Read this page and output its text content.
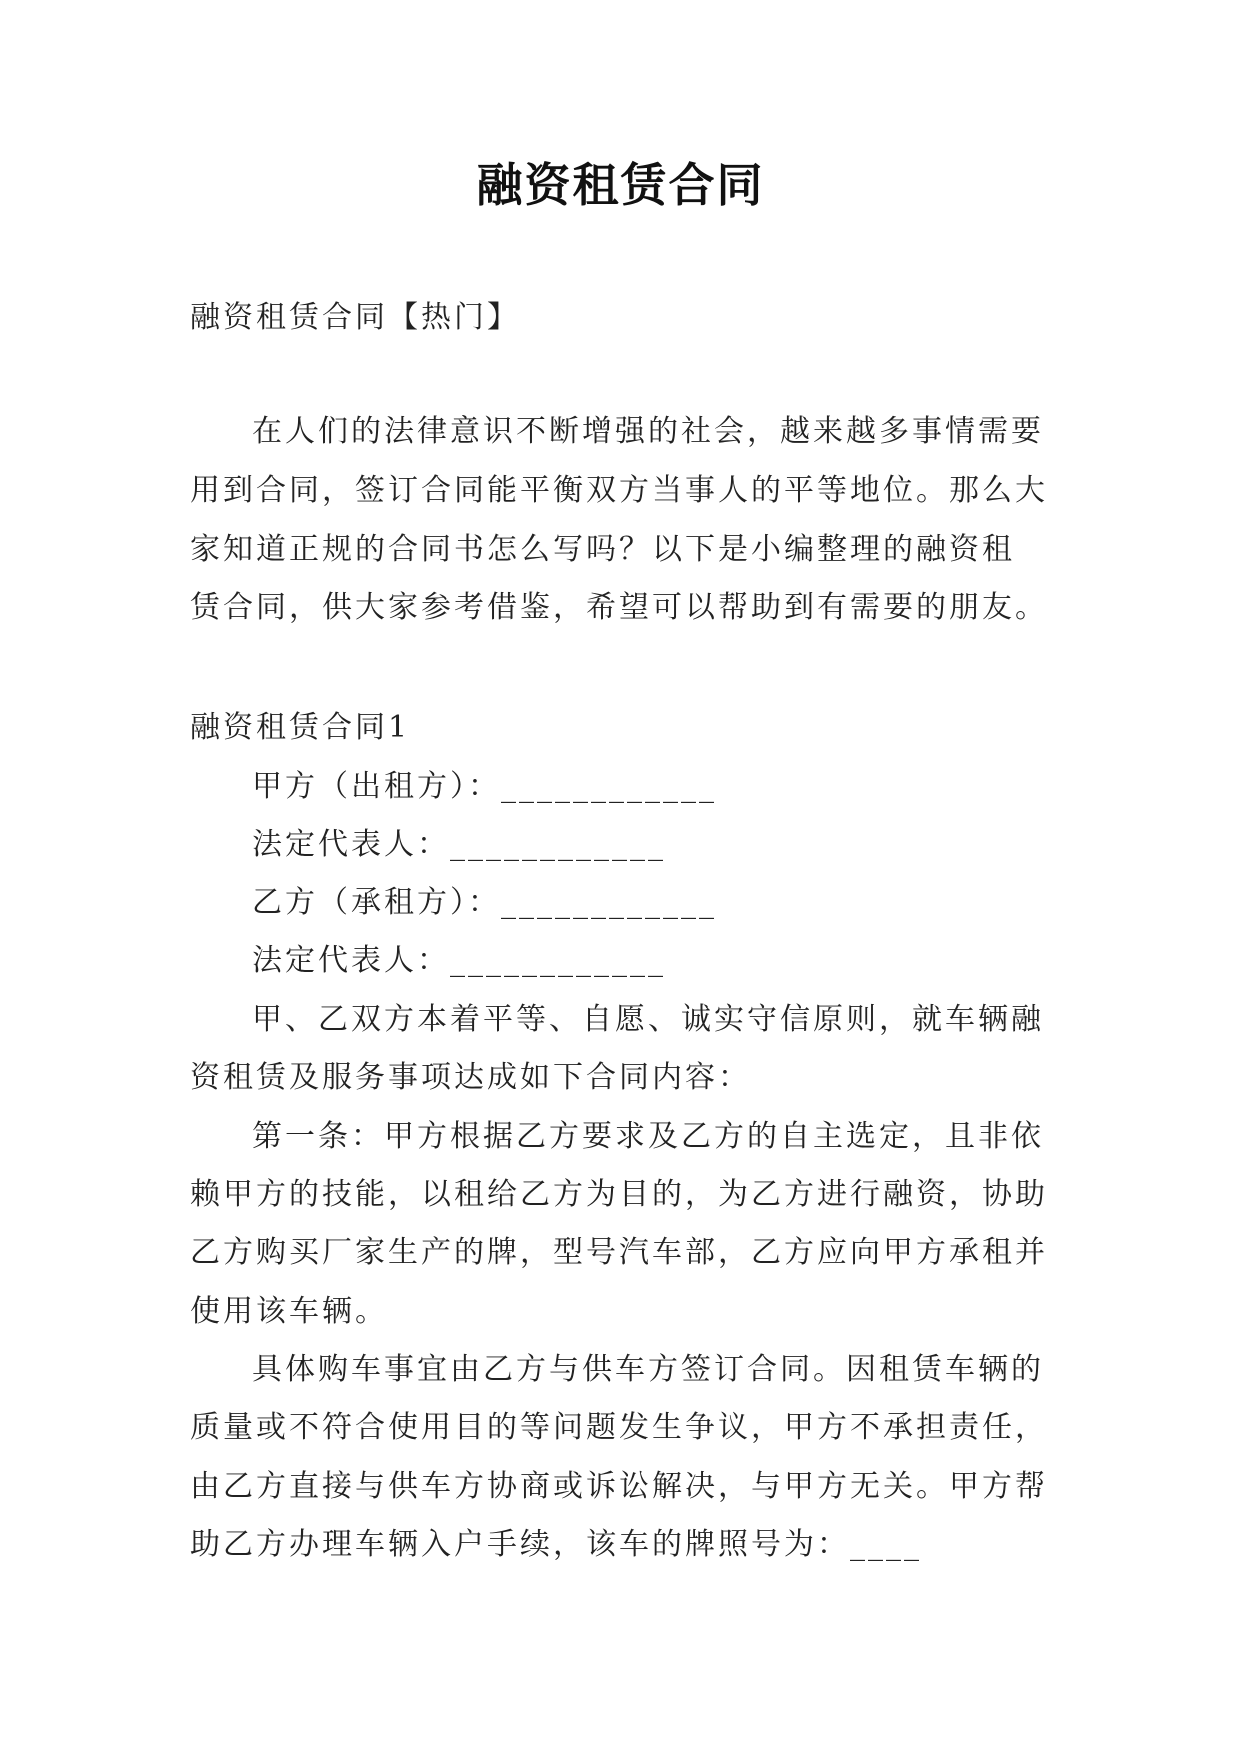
融资租赁合同
融资租赁合同【热门】
在人们的法律意识不断增强的社会，越来越多事情需要
用到合同，签订合同能平衡双方当事人的平等地位。那么大
家知道正规的合同书怎么写吗？以下是小编整理的融资租
赁合同，供大家参考借鉴，希望可以帮助到有需要的朋友。
融资租赁合同1
甲方（出租方）：____________
法定代表人：____________
乙方（承租方）：____________
法定代表人：____________
甲、乙双方本着平等、自愿、诚实守信原则，就车辆融
资租赁及服务事项达成如下合同内容：
第一条：甲方根据乙方要求及乙方的自主选定，且非依
赖甲方的技能，以租给乙方为目的，为乙方进行融资，协助
乙方购买厂家生产的牌，型号汽车部，乙方应向甲方承租并
使用该车辆。
具体购车事宜由乙方与供车方签订合同。因租赁车辆的
质量或不符合使用目的等问题发生争议，甲方不承担责任，
由乙方直接与供车方协商或诉讼解决，与甲方无关。甲方帮
助乙方办理车辆入户手续，该车的牌照号为：____
